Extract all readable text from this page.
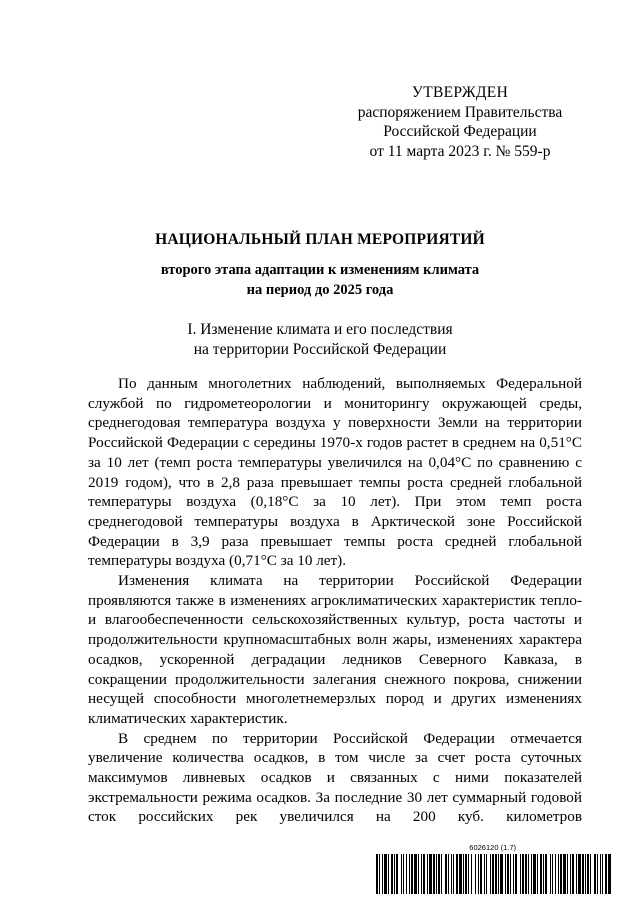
УТВЕРЖДЕН
распоряжением Правительства
Российской Федерации
от 11 марта 2023 г. № 559-р
НАЦИОНАЛЬНЫЙ ПЛАН МЕРОПРИЯТИЙ
второго этапа адаптации к изменениям климата
на период до 2025 года
I. Изменение климата и его последствия
на территории Российской Федерации

По данным многолетних наблюдений, выполняемых Федеральной службой по гидрометеорологии и мониторингу окружающей среды, среднегодовая температура воздуха у поверхности Земли на территории Российской Федерации с середины 1970-х годов растет в среднем на 0,51°С за 10 лет (темп роста температуры увеличился на 0,04°С по сравнению с 2019 годом), что в 2,8 раза превышает темпы роста средней глобальной температуры воздуха (0,18°С за 10 лет). При этом темп роста среднегодовой температуры воздуха в Арктической зоне Российской Федерации в 3,9 раза превышает темпы роста средней глобальной температуры воздуха (0,71°С за 10 лет).

Изменения климата на территории Российской Федерации проявляются также в изменениях агроклиматических характеристик тепло- и влагообеспеченности сельскохозяйственных культур, роста частоты и продолжительности крупномасштабных волн жары, изменениях характера осадков, ускоренной деградации ледников Северного Кавказа, в сокращении продолжительности залегания снежного покрова, снижении несущей способности многолетнемерзлых пород и других изменениях климатических характеристик.

В среднем по территории Российской Федерации отмечается увеличение количества осадков, в том числе за счет роста суточных максимумов ливневых осадков и связанных с ними показателей экстремальности режима осадков. За последние 30 лет суммарный годовой сток российских рек увеличился на 200 куб. километров

6026120 (1.7)
